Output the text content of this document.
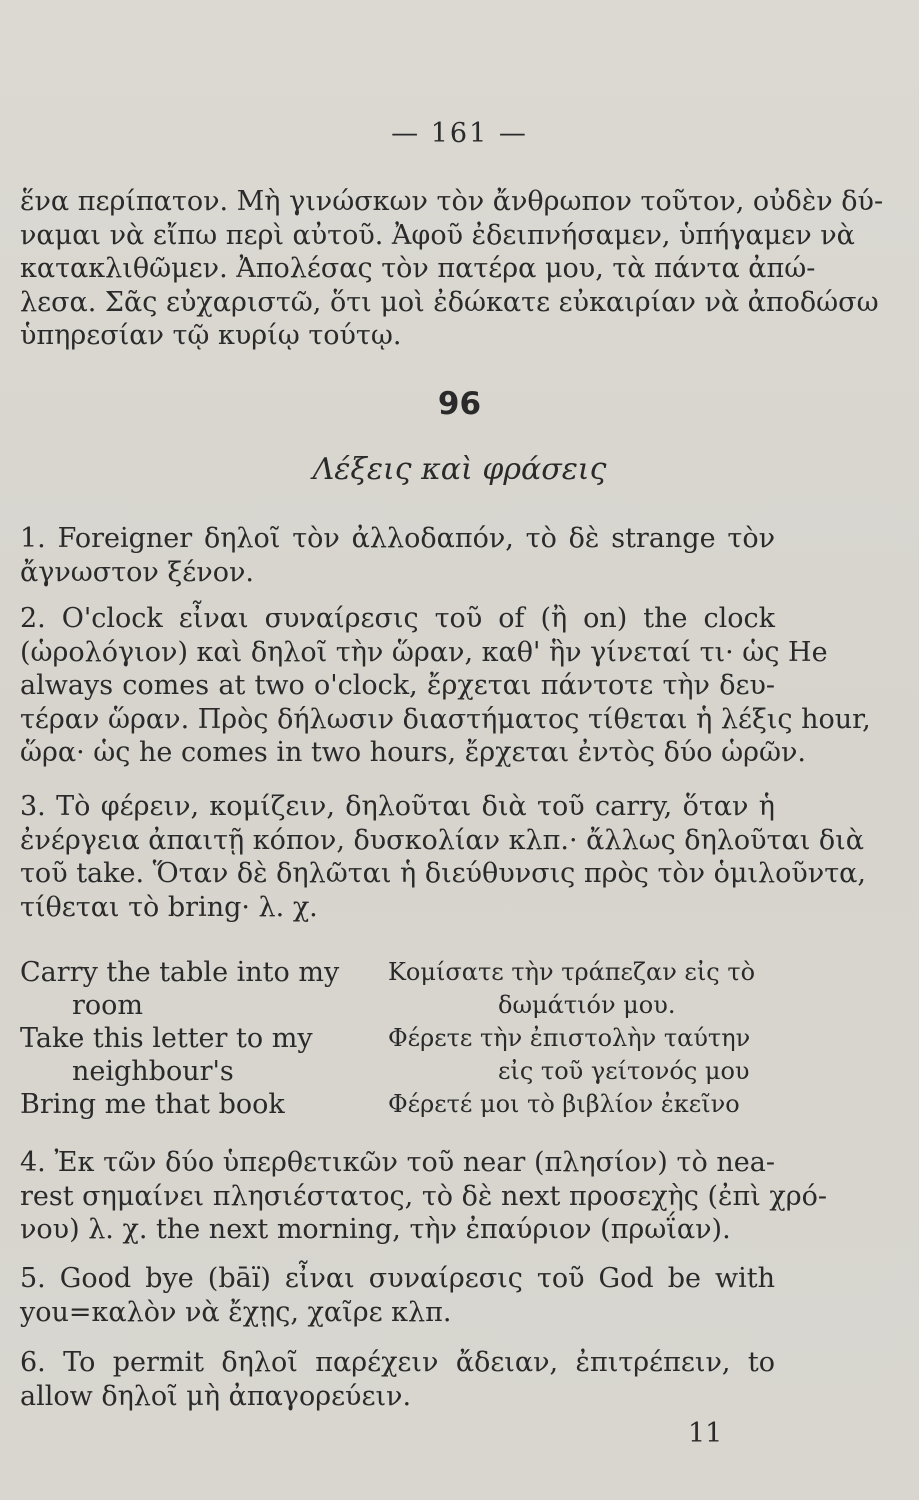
— 161 —
ἕνα περίπατον. Μὴ γινώσκων τὸν ἄνθρωπον τοῦτον, οὐδὲν δύ-
ναμαι νὰ εἴπω περὶ αὐτοῦ. Ἀφοῦ ἐδειπνήσαμεν, ὑπήγαμεν νὰ
κατακλιθῶμεν. Ἀπολέσας τὸν πατέρα μου, τὰ πάντα ἀπώ-
λεσα. Σᾶς εὐχαριστῶ, ὅτι μοὶ ἐδώκατε εὐκαιρίαν νὰ ἀποδώσω
ὑπηρεσίαν τῷ κυρίῳ τούτῳ.
96
Λέξεις καὶ φράσεις
1. Foreigner δηλοῖ τὸν ἀλλοδαπόν, τὸ δὲ strange τὸν
ἄγνωστον ξένον.
2. O'clock εἶναι συναίρεσις τοῦ of (ἢ on) the clock
(ὡρολόγιον) καὶ δηλοῖ τὴν ὥραν, καθ' ἣν γίνεταί τι· ὡς He
always comes at two o'clock, ἔρχεται πάντοτε τὴν δευ-
τέραν ὥραν. Πρὸς δήλωσιν διαστήματος τίθεται ἡ λέξις hour,
ὥρα· ὡς he comes in two hours, ἔρχεται ἐντὸς δύο ὡρῶν.
3. Τὸ φέρειν, κομίζειν, δηλοῦται διὰ τοῦ carry, ὅταν ἡ
ἐνέργεια ἀπαιτῇ κόπον, δυσκολίαν κλπ.· ἄλλως δηλοῦται διὰ
τοῦ take. Ὅταν δὲ δηλῶται ἡ διεύθυνσις πρὸς τὸν ὁμιλοῦντα,
τίθεται τὸ bring· λ. χ.
Carry the table into my
room
Take this letter to my
neighbour's
Bring me that book
Κομίσατε τὴν τράπεζαν εἰς τὸ
δωμάτιόν μου.
Φέρετε τὴν ἐπιστολὴν ταύτην
εἰς τοῦ γείτονός μου
Φέρετέ μοι τὸ βιβλίον ἐκεῖνο
4. Ἐκ τῶν δύο ὑπερθετικῶν τοῦ near (πλησίον) τὸ nea-
rest σημαίνει πλησιέστατος, τὸ δὲ next προσεχὴς (ἐπὶ χρό-
νου) λ. χ. the next morning, τὴν ἐπαύριον (πρωΐαν).
5. Good bye (bāï) εἶναι συναίρεσις τοῦ God be with
you=καλὸν νὰ ἔχῃς, χαῖρε κλπ.
6. To permit δηλοῖ παρέχειν ἄδειαν, ἐπιτρέπειν, to
allow δηλοῖ μὴ ἀπαγορεύειν.
11
